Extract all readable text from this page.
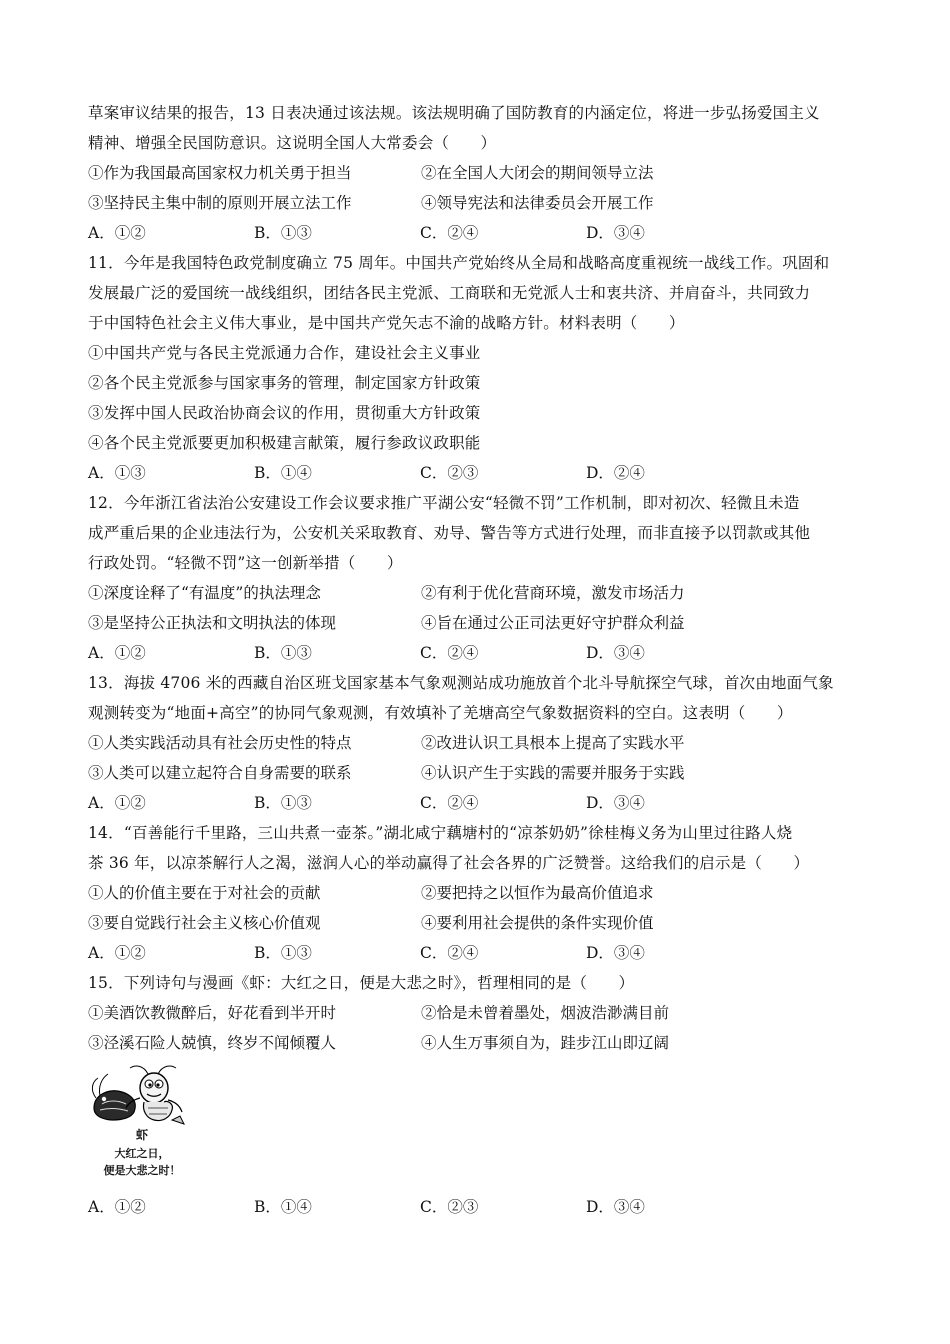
草案审议结果的报告，13 日表决通过该法规。该法规明确了国防教育的内涵定位，将进一步弘扬爱国主义
精神、增强全民国防意识。这说明全国人大常委会（　　）
①作为我国最高国家权力机关勇于担当	②在全国人大闭会的期间领导立法
③坚持民主集中制的原则开展立法工作	④领导宪法和法律委员会开展工作
A．①②	B．①③	C．②④	D．③④
11．今年是我国特色政党制度确立 75 周年。中国共产党始终从全局和战略高度重视统一战线工作。巩固和
发展最广泛的爱国统一战线组织，团结各民主党派、工商联和无党派人士和衷共济、并肩奋斗，共同致力
于中国特色社会主义伟大事业，是中国共产党矢志不渝的战略方针。材料表明（　　）
①中国共产党与各民主党派通力合作，建设社会主义事业
②各个民主党派参与国家事务的管理，制定国家方针政策
③发挥中国人民政治协商会议的作用，贯彻重大方针政策
④各个民主党派要更加积极建言献策，履行参政议政职能
A．①③	B．①④	C．②③	D．②④
12．今年浙江省法治公安建设工作会议要求推广平湖公安“轻微不罚”工作机制，即对初次、轻微且未造
成严重后果的企业违法行为，公安机关采取教育、劝导、警告等方式进行处理，而非直接予以罚款或其他
行政处罚。“轻微不罚”这一创新举措（　　）
①深度诠释了“有温度”的执法理念	②有利于优化营商环境，激发市场活力
③是坚持公正执法和文明执法的体现	④旨在通过公正司法更好守护群众利益
A．①②	B．①③	C．②④	D．③④
13．海拔 4706 米的西藏自治区班戈国家基本气象观测站成功施放首个北斗导航探空气球，首次由地面气象
观测转变为“地面+高空”的协同气象观测，有效填补了羌塘高空气象数据资料的空白。这表明（　　）
①人类实践活动具有社会历史性的特点	②改进认识工具根本上提高了实践水平
③人类可以建立起符合自身需要的联系	④认识产生于实践的需要并服务于实践
A．①②	B．①③	C．②④	D．③④
14．“百善能行千里路，三山共煮一壶茶。”湖北咸宁藕塘村的“凉茶奶奶”徐桂梅义务为山里过往路人烧
茶 36 年，以凉茶解行人之渴，滋润人心的举动赢得了社会各界的广泛赞誉。这给我们的启示是（　　）
①人的价值主要在于对社会的贡献	②要把持之以恒作为最高价值追求
③要自觉践行社会主义核心价值观	④要利用社会提供的条件实现价值
A．①②	B．①③	C．②④	D．③④
15．下列诗句与漫画《虾：大红之日，便是大悲之时》，哲理相同的是（　　）
①美酒饮教微醉后，好花看到半开时	②恰是未曾着墨处，烟波浩渺满目前
③泾溪石险人兢慎，终岁不闻倾覆人	④人生万事须自为，跬步江山即辽阔
虾
大红之日，
便是大悲之时！
A．①②	B．①④	C．②③	D．③④
